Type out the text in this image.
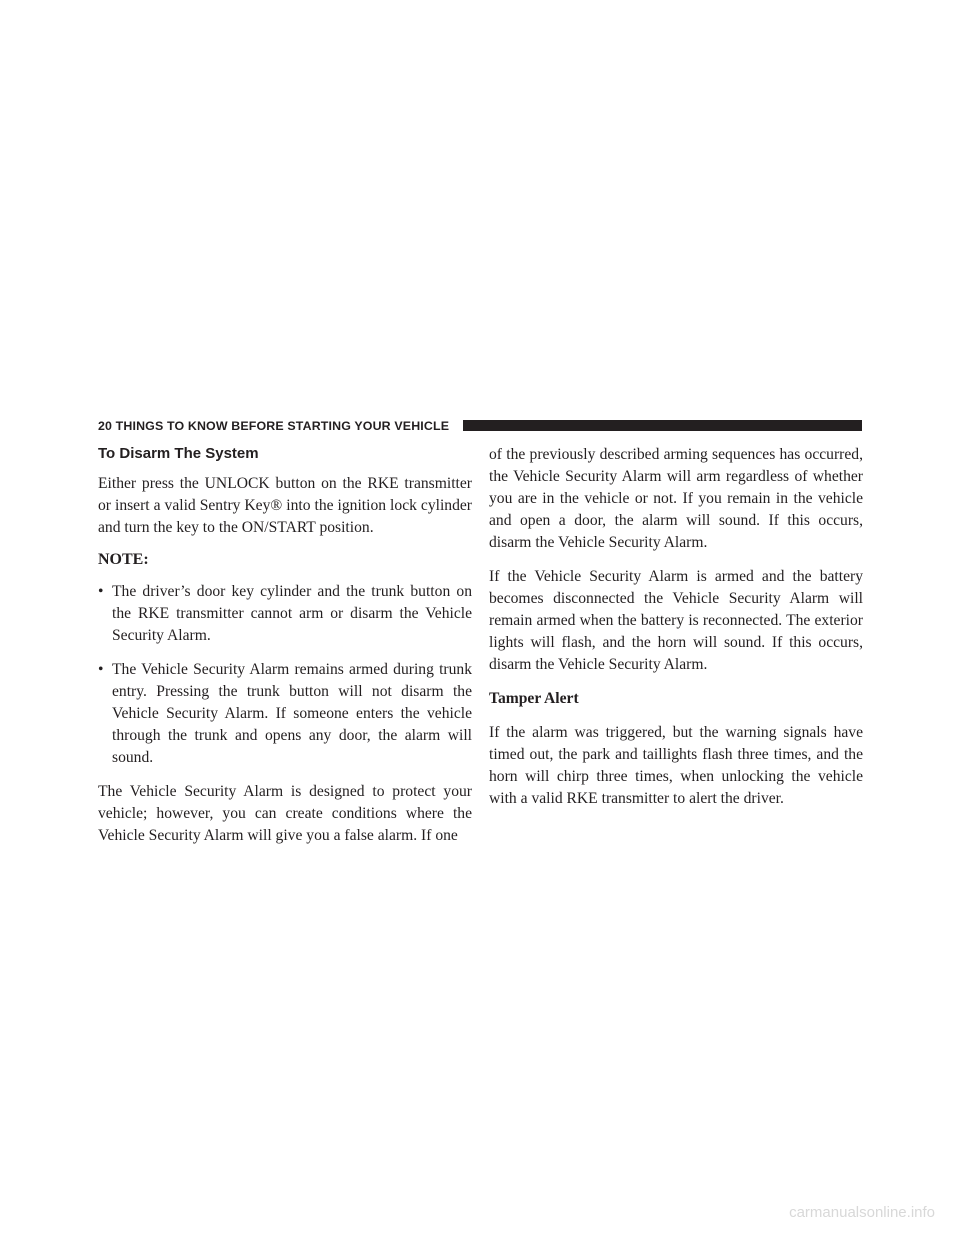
20 THINGS TO KNOW BEFORE STARTING YOUR VEHICLE
To Disarm The System

Either press the UNLOCK button on the RKE transmitter or insert a valid Sentry Key® into the ignition lock cylinder and turn the key to the ON/START position.

NOTE:
• The driver’s door key cylinder and the trunk button on the RKE transmitter cannot arm or disarm the Vehicle Security Alarm.

• The Vehicle Security Alarm remains armed during trunk entry. Pressing the trunk button will not disarm the Vehicle Security Alarm. If someone enters the vehicle through the trunk and opens any door, the alarm will sound.

The Vehicle Security Alarm is designed to protect your vehicle; however, you can create conditions where the Vehicle Security Alarm will give you a false alarm. If one

of the previously described arming sequences has occurred, the Vehicle Security Alarm will arm regardless of whether you are in the vehicle or not. If you remain in the vehicle and open a door, the alarm will sound. If this occurs, disarm the Vehicle Security Alarm.

If the Vehicle Security Alarm is armed and the battery becomes disconnected the Vehicle Security Alarm will remain armed when the battery is reconnected. The exterior lights will flash, and the horn will sound. If this occurs, disarm the Vehicle Security Alarm.

Tamper Alert

If the alarm was triggered, but the warning signals have timed out, the park and taillights flash three times, and the horn will chirp three times, when unlocking the vehicle with a valid RKE transmitter to alert the driver.

carmanualsonline.info
